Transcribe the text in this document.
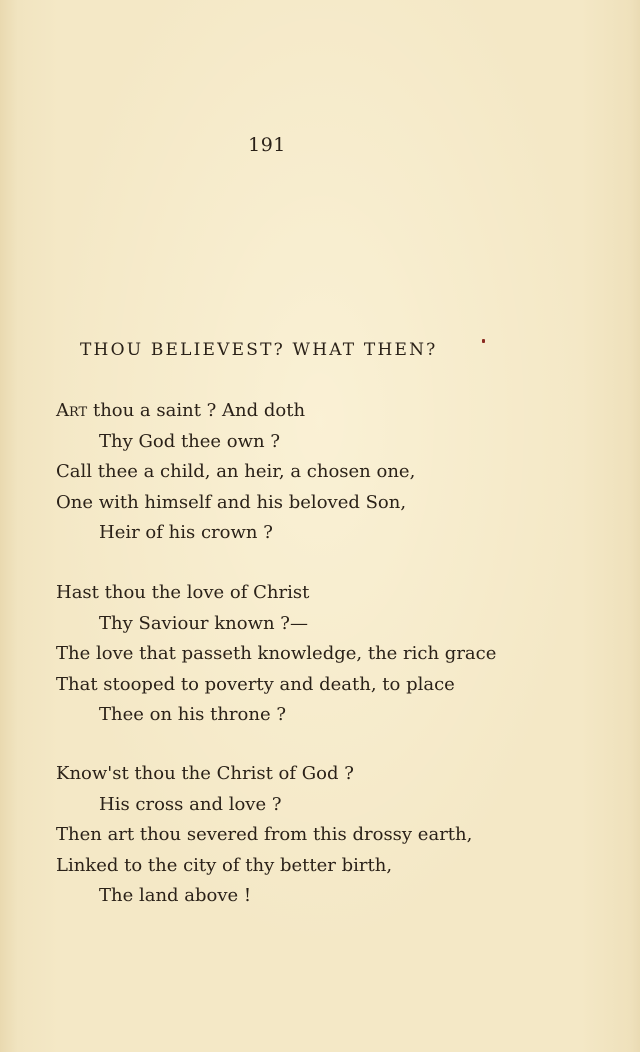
191
THOU BELIEVEST? WHAT THEN?
Art thou a saint ? And doth
Thy God thee own ?
Call thee a child, an heir, a chosen one,
One with himself and his beloved Son,
Heir of his crown ?
Hast thou the love of Christ
Thy Saviour known ?—
The love that passeth knowledge, the rich grace
That stooped to poverty and death, to place
Thee on his throne ?
Know'st thou the Christ of God ?
His cross and love ?
Then art thou severed from this drossy earth,
Linked to the city of thy better birth,
The land above !
